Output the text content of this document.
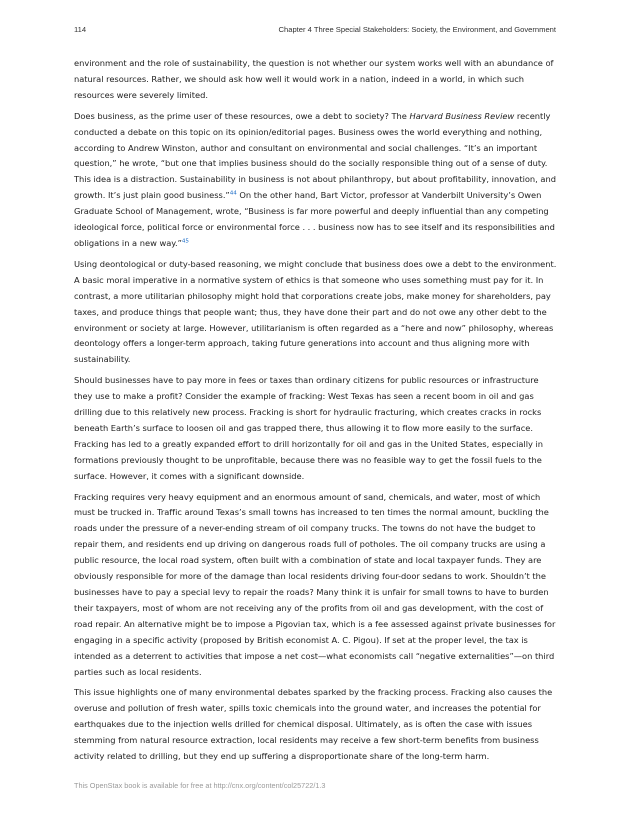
114	Chapter 4 Three Special Stakeholders: Society, the Environment, and Government

environment and the role of sustainability, the question is not whether our system works well with an abundance of natural resources. Rather, we should ask how well it would work in a nation, indeed in a world, in which such resources were severely limited.

Does business, as the prime user of these resources, owe a debt to society? The Harvard Business Review recently conducted a debate on this topic on its opinion/editorial pages. Business owes the world everything and nothing, according to Andrew Winston, author and consultant on environmental and social challenges. “It’s an important question,” he wrote, “but one that implies business should do the socially responsible thing out of a sense of duty. This idea is a distraction. Sustainability in business is not about philanthropy, but about profitability, innovation, and growth. It’s just plain good business.”$^{44}$ On the other hand, Bart Victor, professor at Vanderbilt University’s Owen Graduate School of Management, wrote, “Business is far more powerful and deeply influential than any competing ideological force, political force or environmental force . . . business now has to see itself and its responsibilities and obligations in a new way.”$^{45}$

Using deontological or duty-based reasoning, we might conclude that business does owe a debt to the environment. A basic moral imperative in a normative system of ethics is that someone who uses something must pay for it. In contrast, a more utilitarian philosophy might hold that corporations create jobs, make money for shareholders, pay taxes, and produce things that people want; thus, they have done their part and do not owe any other debt to the environment or society at large. However, utilitarianism is often regarded as a “here and now” philosophy, whereas deontology offers a longer-term approach, taking future generations into account and thus aligning more with sustainability.

Should businesses have to pay more in fees or taxes than ordinary citizens for public resources or infrastructure they use to make a profit? Consider the example of fracking: West Texas has seen a recent boom in oil and gas drilling due to this relatively new process. Fracking is short for hydraulic fracturing, which creates cracks in rocks beneath Earth’s surface to loosen oil and gas trapped there, thus allowing it to flow more easily to the surface. Fracking has led to a greatly expanded effort to drill horizontally for oil and gas in the United States, especially in formations previously thought to be unprofitable, because there was no feasible way to get the fossil fuels to the surface. However, it comes with a significant downside.

Fracking requires very heavy equipment and an enormous amount of sand, chemicals, and water, most of which must be trucked in. Traffic around Texas’s small towns has increased to ten times the normal amount, buckling the roads under the pressure of a never-ending stream of oil company trucks. The towns do not have the budget to repair them, and residents end up driving on dangerous roads full of potholes. The oil company trucks are using a public resource, the local road system, often built with a combination of state and local taxpayer funds. They are obviously responsible for more of the damage than local residents driving four-door sedans to work. Shouldn’t the businesses have to pay a special levy to repair the roads? Many think it is unfair for small towns to have to burden their taxpayers, most of whom are not receiving any of the profits from oil and gas development, with the cost of road repair. An alternative might be to impose a Pigovian tax, which is a fee assessed against private businesses for engaging in a specific activity (proposed by British economist A. C. Pigou). If set at the proper level, the tax is intended as a deterrent to activities that impose a net cost—what economists call “negative externalities”—on third parties such as local residents.

This issue highlights one of many environmental debates sparked by the fracking process. Fracking also causes the overuse and pollution of fresh water, spills toxic chemicals into the ground water, and increases the potential for earthquakes due to the injection wells drilled for chemical disposal. Ultimately, as is often the case with issues stemming from natural resource extraction, local residents may receive a few short-term benefits from business activity related to drilling, but they end up suffering a disproportionate share of the long-term harm.

This OpenStax book is available for free at http://cnx.org/content/col25722/1.3
